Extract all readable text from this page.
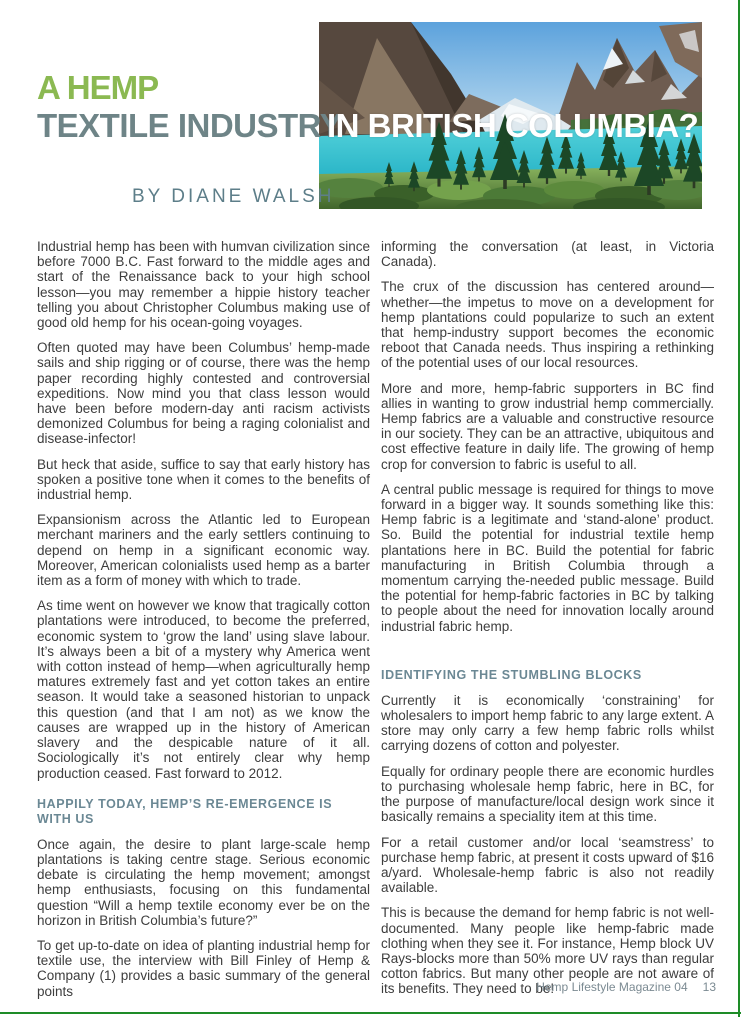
A HEMP
TEXTILE INDUSTRY
IN BRITISH COLUMBIA?
BY DIANE WALSH

Industrial hemp has been with humvan civilization since before 7000 B.C. Fast forward to the middle ages and start of the Renaissance back to your high school lesson—you may remember a hippie history teacher telling you about Christopher Columbus making use of good old hemp for his ocean-going voyages.

Often quoted may have been Columbus’ hemp-made sails and ship rigging or of course, there was the hemp paper recording highly contested and controversial expeditions. Now mind you that class lesson would have been before modern-day anti racism activists demonized Columbus for being a raging colonialist and disease-infector!

But heck that aside, suffice to say that early history has spoken a positive tone when it comes to the benefits of industrial hemp.

Expansionism across the Atlantic led to European merchant mariners and the early settlers continuing to depend on hemp in a significant economic way. Moreover, American colonialists used hemp as a barter item as a form of money with which to trade.

As time went on however we know that tragically cotton plantations were introduced, to become the preferred, economic system to ‘grow the land’ using slave labour. It’s always been a bit of a mystery why America went with cotton instead of hemp—when agriculturally hemp matures extremely fast and yet cotton takes an entire season. It would take a seasoned historian to unpack this question (and that I am not) as we know the causes are wrapped up in the history of American slavery and the despicable nature of it all. Sociologically it’s not entirely clear why hemp production ceased. Fast forward to 2012.

HAPPILY TODAY, HEMP’S RE-EMERGENCE IS WITH US

Once again, the desire to plant large-scale hemp plantations is taking centre stage. Serious economic debate is circulating the hemp movement; amongst hemp enthusiasts, focusing on this fundamental question “Will a hemp textile economy ever be on the horizon in British Columbia’s future?”

To get up-to-date on idea of planting industrial hemp for textile use, the interview with Bill Finley of Hemp & Company (1) provides a basic summary of the general points

informing the conversation (at least, in Victoria Canada).

The crux of the discussion has centered around—whether—the impetus to move on a development for hemp plantations could popularize to such an extent that hemp-industry support becomes the economic reboot that Canada needs. Thus inspiring a rethinking of the potential uses of our local resources.

More and more, hemp-fabric supporters in BC find allies in wanting to grow industrial hemp commercially. Hemp fabrics are a valuable and constructive resource in our society. They can be an attractive, ubiquitous and cost effective feature in daily life. The growing of hemp crop for conversion to fabric is useful to all.

A central public message is required for things to move forward in a bigger way. It sounds something like this: Hemp fabric is a legitimate and ‘stand-alone’ product. So. Build the potential for industrial textile hemp plantations here in BC. Build the potential for fabric manufacturing in British Columbia through a momentum carrying the-needed public message. Build the potential for hemp-fabric factories in BC by talking to people about the need for innovation locally around industrial fabric hemp.

IDENTIFYING THE STUMBLING BLOCKS

Currently it is economically ‘constraining’ for wholesalers to import hemp fabric to any large extent. A store may only carry a few hemp fabric rolls whilst carrying dozens of cotton and polyester.

Equally for ordinary people there are economic hurdles to purchasing wholesale hemp fabric, here in BC, for the purpose of manufacture/local design work since it basically remains a speciality item at this time.

For a retail customer and/or local ‘seamstress’ to purchase hemp fabric, at present it costs upward of $16 a/yard. Wholesale-hemp fabric is also not readily available.

This is because the demand for hemp fabric is not well-documented. Many people like hemp-fabric made clothing when they see it. For instance, Hemp block UV Rays-blocks more than 50% more UV rays than regular cotton fabrics. But many other people are not aware of its benefits. They need to be!

Hemp Lifestyle Magazine 04 13
